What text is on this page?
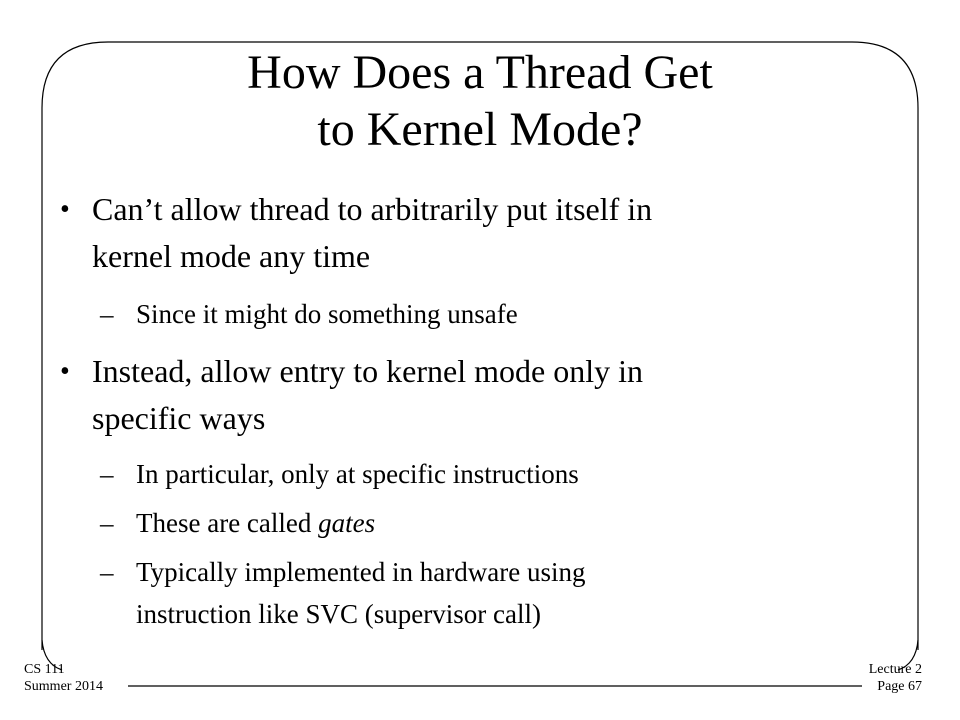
How Does a Thread Get
to Kernel Mode?
• Can’t allow thread to arbitrarily put itself in
kernel mode any time
– Since it might do something unsafe
• Instead, allow entry to kernel mode only in
specific ways
– In particular, only at specific instructions
– These are called gates
– Typically implemented in hardware using
instruction like SVC (supervisor call)
CS 111
Summer 2014
Lecture 2
Page 67
